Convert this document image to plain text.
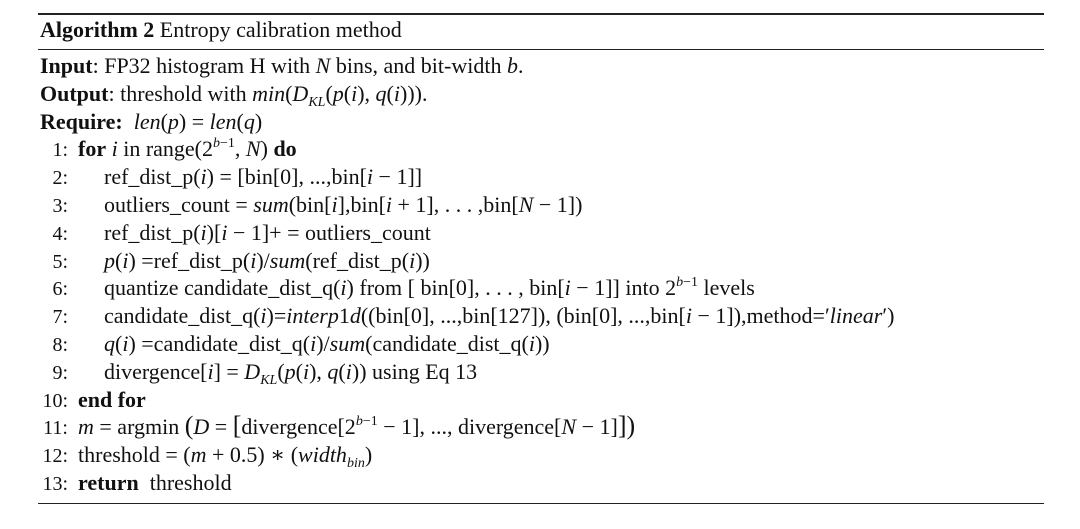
Algorithm 2 Entropy calibration method
Input: FP32 histogram H with N bins, and bit-width b.
Output: threshold with $\min(D_{KL}(p(i)$, q(i))).
Require: len(p) = len(q)
1: for i in $range(2^{b-1}$, N) do
2: ref_dist_p(i) = [bin[0], ...,bin[i − 1]]
3: outliers_count = sum(bin[i],bin[i + 1], . . . ,bin[N − 1])
4: ref_dist_p(i)[i − 1]+ = outliers_count
5: p(i) =ref_dist_p(i)/sum(ref_dist_p(i))
6: quantize candidate_dist_q(i) from [ bin[0], . . . , bin[i − 1]] into $2^{b-1}$ levels
7: candidate_dist_q(i)=interp1d((bin[0], ...,bin[127]), (bin[0], ...,bin[i − 1]),method=′linear′)
8: q(i) =candidate_dist_q(i)/sum(candidate_dist_q(i))
9: divergence[i] = $D_{KL}(p(i)$, q(i)) using Eq 13
10: end for
11: m = argmin ($D = [divergence[2^{b-1} - 1]$, ..., divergence[N − 1]])
12: threshold = (m + 0.5) ∗ (width$_{bin}$)
13: return  threshold
